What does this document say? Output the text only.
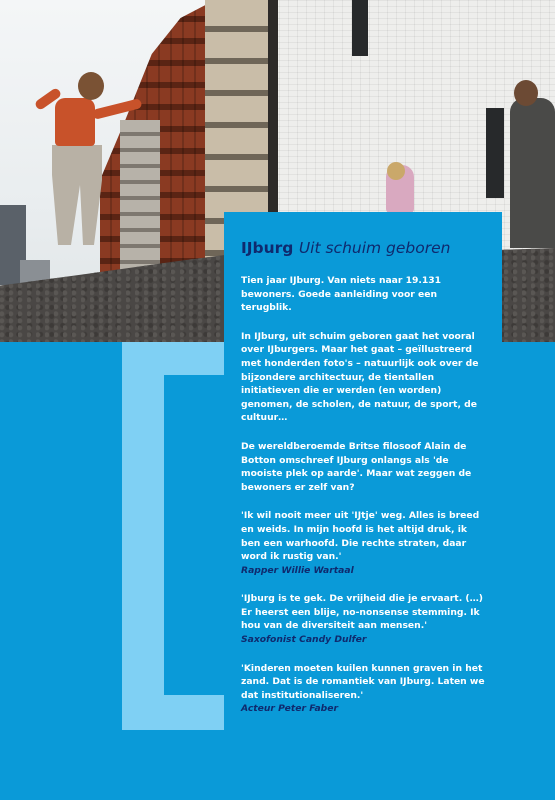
IJburg Uit schuim geboren

Tien jaar IJburg. Van niets naar 19.131 bewoners. Goede aanleiding voor een terugblik.

In IJburg, uit schuim geboren gaat het vooral over IJburgers. Maar het gaat – geïllustreerd met honderden foto's – natuurlijk ook over de bijzondere architectuur, de tientallen initiatieven die er werden (en worden) genomen, de scholen, de natuur, de sport, de cultuur…

De wereldberoemde Britse filosoof Alain de Botton omschreef IJburg onlangs als 'de mooiste plek op aarde'. Maar wat zeggen de bewoners er zelf van?

'Ik wil nooit meer uit 'IJtje' weg. Alles is breed en weids. In mijn hoofd is het altijd druk, ik ben een warhoofd. Die rechte straten, daar word ik rustig van.'

Rapper Willie Wartaal

'IJburg is te gek. De vrijheid die je ervaart. (…) Er heerst een blije, no-nonsense stemming. Ik hou van de diversiteit aan mensen.'

Saxofonist Candy Dulfer

'Kinderen moeten kuilen kunnen graven in het zand. Dat is de romantiek van IJburg. Laten we dat institutionaliseren.'

Acteur Peter Faber
